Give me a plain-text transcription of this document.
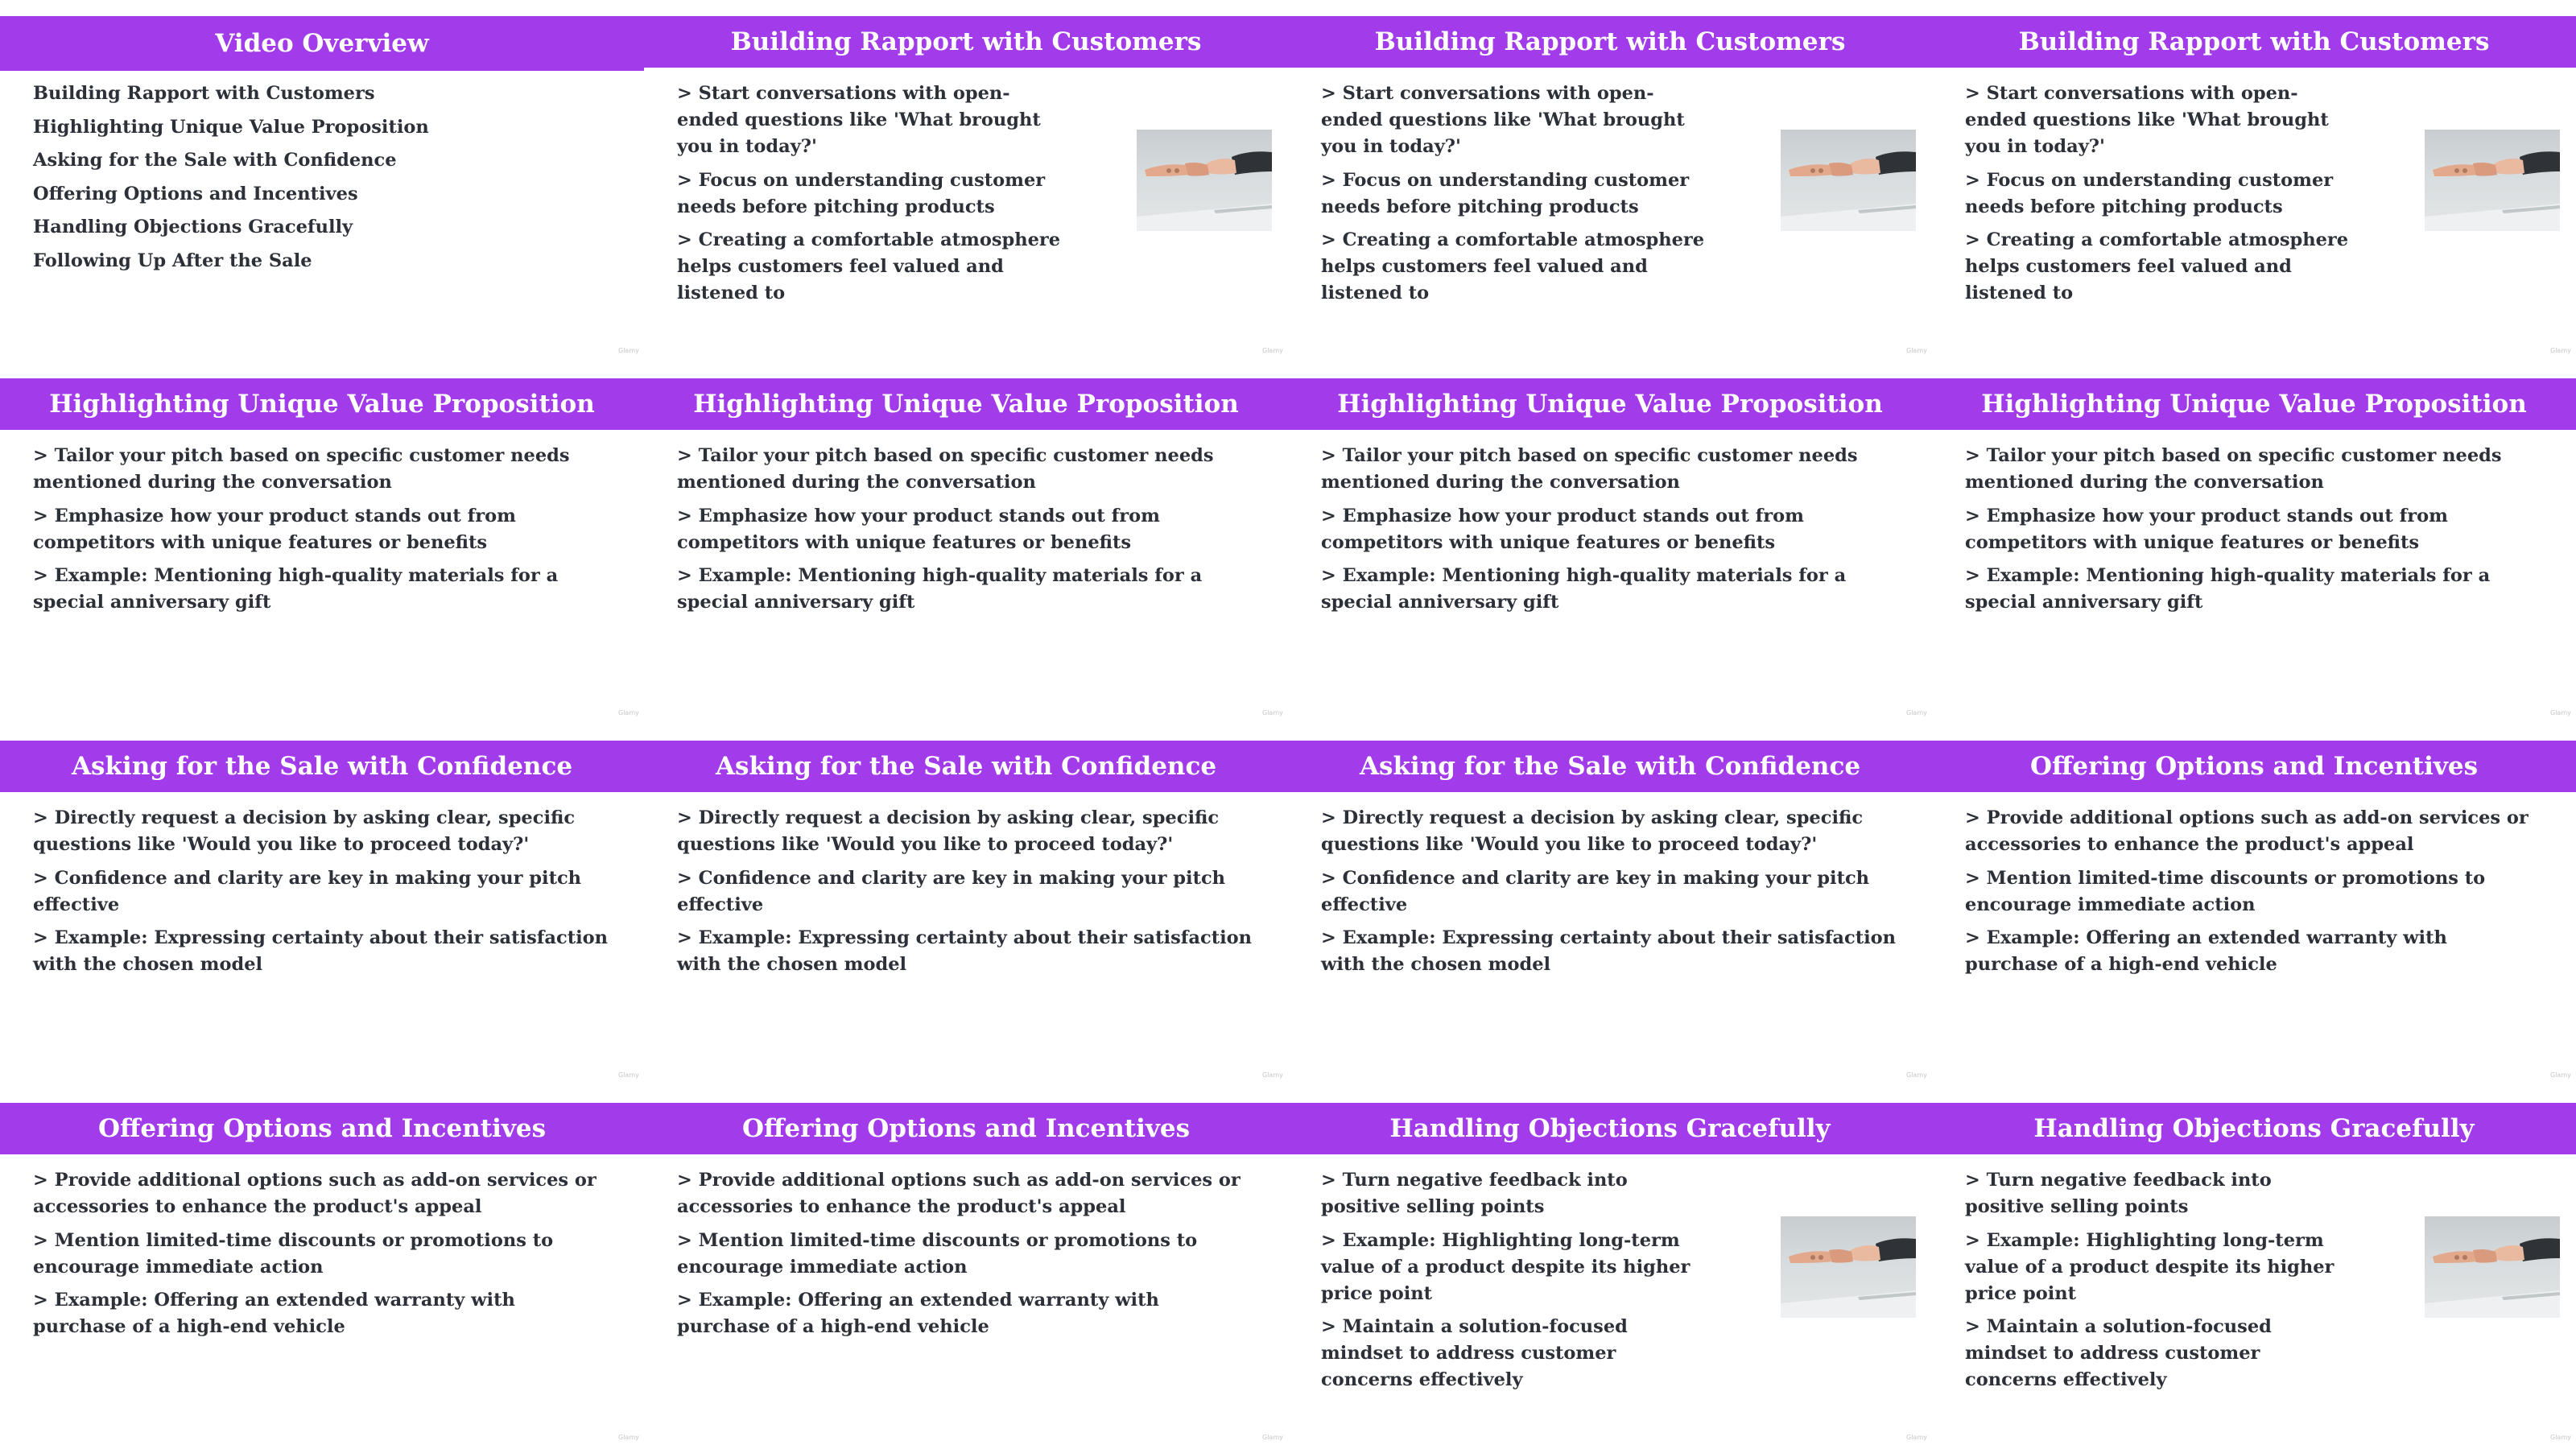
Video Overview
Building Rapport with Customers
Highlighting Unique Value Proposition
Asking for the Sale with Confidence
Offering Options and Incentives
Handling Objections Gracefully
Following Up After the Sale
Glamy
Building Rapport with Customers
> Start conversations with open-ended questions like 'What brought you in today?'
> Focus on understanding customer needs before pitching products
> Creating a comfortable atmosphere helps customers feel valued and listened to
Glamy
Building Rapport with Customers
> Start conversations with open-ended questions like 'What brought you in today?'
> Focus on understanding customer needs before pitching products
> Creating a comfortable atmosphere helps customers feel valued and listened to
Glamy
Building Rapport with Customers
> Start conversations with open-ended questions like 'What brought you in today?'
> Focus on understanding customer needs before pitching products
> Creating a comfortable atmosphere helps customers feel valued and listened to
Glamy
Highlighting Unique Value Proposition
> Tailor your pitch based on specific customer needs mentioned during the conversation
> Emphasize how your product stands out from competitors with unique features or benefits
> Example: Mentioning high-quality materials for a special anniversary gift
Glamy
Highlighting Unique Value Proposition
> Tailor your pitch based on specific customer needs mentioned during the conversation
> Emphasize how your product stands out from competitors with unique features or benefits
> Example: Mentioning high-quality materials for a special anniversary gift
Glamy
Highlighting Unique Value Proposition
> Tailor your pitch based on specific customer needs mentioned during the conversation
> Emphasize how your product stands out from competitors with unique features or benefits
> Example: Mentioning high-quality materials for a special anniversary gift
Glamy
Highlighting Unique Value Proposition
> Tailor your pitch based on specific customer needs mentioned during the conversation
> Emphasize how your product stands out from competitors with unique features or benefits
> Example: Mentioning high-quality materials for a special anniversary gift
Glamy
Asking for the Sale with Confidence
> Directly request a decision by asking clear, specific questions like 'Would you like to proceed today?'
> Confidence and clarity are key in making your pitch effective
> Example: Expressing certainty about their satisfaction with the chosen model
Glamy
Asking for the Sale with Confidence
> Directly request a decision by asking clear, specific questions like 'Would you like to proceed today?'
> Confidence and clarity are key in making your pitch effective
> Example: Expressing certainty about their satisfaction with the chosen model
Glamy
Asking for the Sale with Confidence
> Directly request a decision by asking clear, specific questions like 'Would you like to proceed today?'
> Confidence and clarity are key in making your pitch effective
> Example: Expressing certainty about their satisfaction with the chosen model
Glamy
Offering Options and Incentives
> Provide additional options such as add-on services or accessories to enhance the product's appeal
> Mention limited-time discounts or promotions to encourage immediate action
> Example: Offering an extended warranty with purchase of a high-end vehicle
Glamy
Offering Options and Incentives
> Provide additional options such as add-on services or accessories to enhance the product's appeal
> Mention limited-time discounts or promotions to encourage immediate action
> Example: Offering an extended warranty with purchase of a high-end vehicle
Glamy
Offering Options and Incentives
> Provide additional options such as add-on services or accessories to enhance the product's appeal
> Mention limited-time discounts or promotions to encourage immediate action
> Example: Offering an extended warranty with purchase of a high-end vehicle
Glamy
Handling Objections Gracefully
> Turn negative feedback into positive selling points
> Example: Highlighting long-term value of a product despite its higher price point
> Maintain a solution-focused mindset to address customer concerns effectively
Glamy
Handling Objections Gracefully
> Turn negative feedback into positive selling points
> Example: Highlighting long-term value of a product despite its higher price point
> Maintain a solution-focused mindset to address customer concerns effectively
Glamy
